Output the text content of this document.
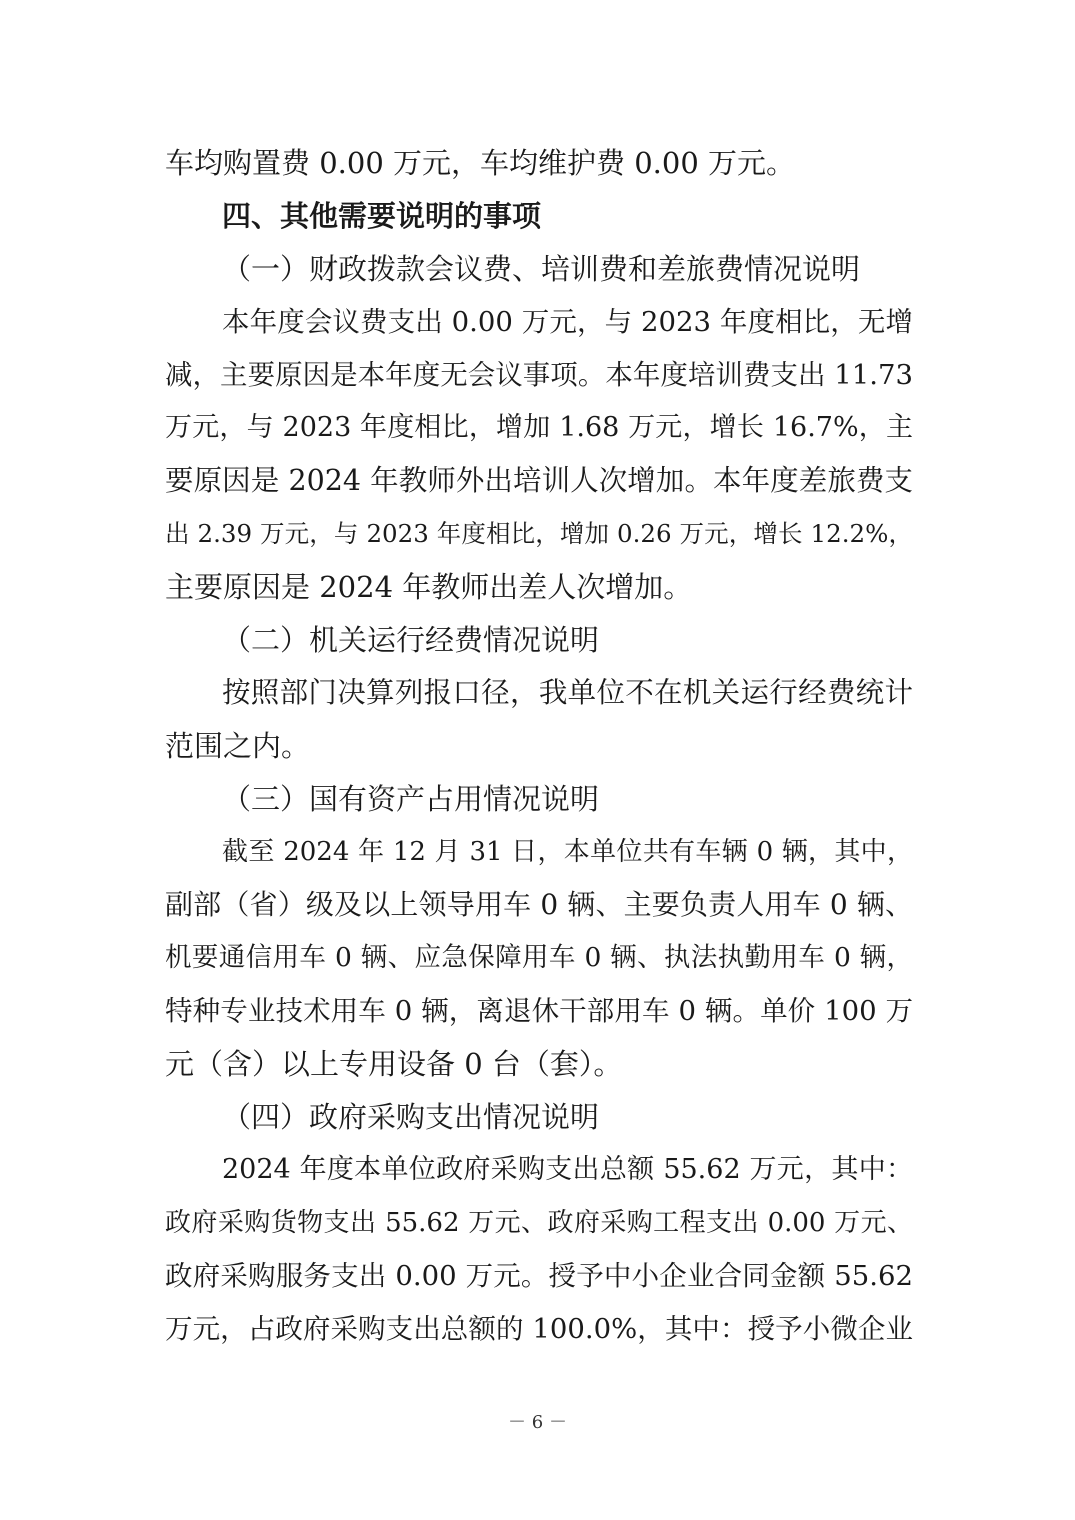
车均购置费 0.00 万元，车均维护费 0.00 万元。
四、其他需要说明的事项
（一）财政拨款会议费、培训费和差旅费情况说明
本年度会议费支出 0.00 万元，与 2023 年度相比，无增
减，主要原因是本年度无会议事项。本年度培训费支出 11.73
万元，与 2023 年度相比，增加 1.68 万元，增长 16.7%，主
要原因是 2024 年教师外出培训人次增加。本年度差旅费支
出 2.39 万元，与 2023 年度相比，增加 0.26 万元，增长 12.2%，
主要原因是 2024 年教师出差人次增加。
（二）机关运行经费情况说明
按照部门决算列报口径，我单位不在机关运行经费统计
范围之内。
（三）国有资产占用情况说明
截至 2024 年 12 月 31 日，本单位共有车辆 0 辆，其中，
副部（省）级及以上领导用车 0 辆、主要负责人用车 0 辆、
机要通信用车 0 辆、应急保障用车 0 辆、执法执勤用车 0 辆，
特种专业技术用车 0 辆，离退休干部用车 0 辆。单价 100 万
元（含）以上专用设备 0 台（套）。
（四）政府采购支出情况说明
2024 年度本单位政府采购支出总额 55.62 万元，其中：
政府采购货物支出 55.62 万元、政府采购工程支出 0.00 万元、
政府采购服务支出 0.00 万元。授予中小企业合同金额 55.62
万元，占政府采购支出总额的 100.0%，其中：授予小微企业
－ 6 －
